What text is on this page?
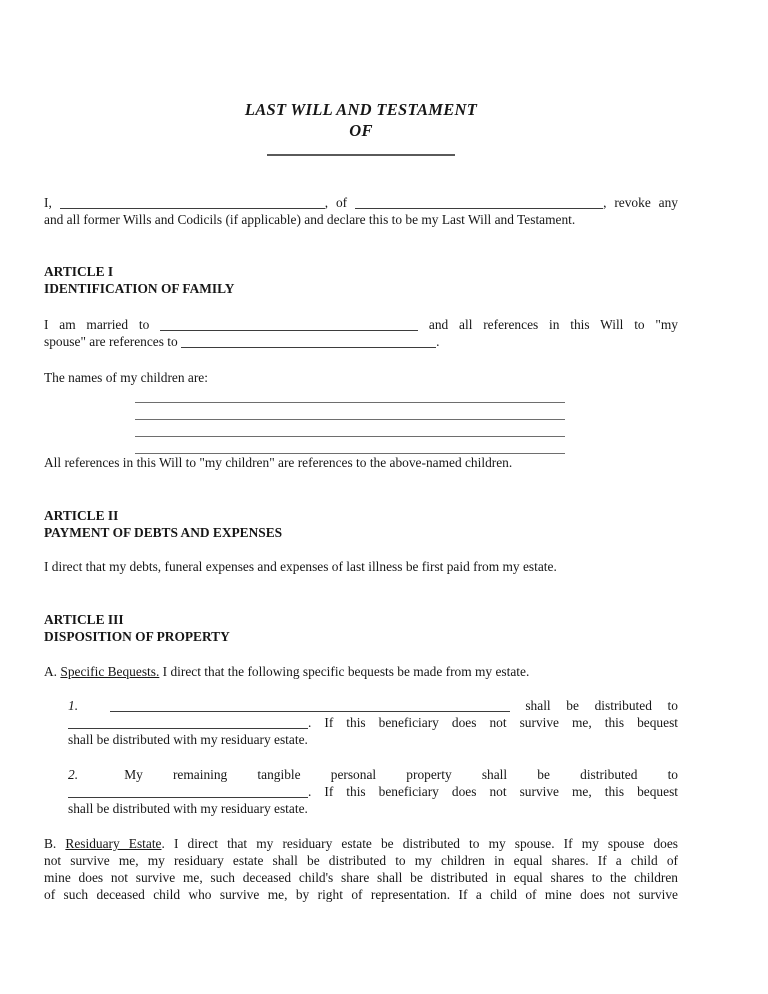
LAST WILL AND TESTAMENT
OF
I,	, of	, revoke any
and all former Wills and Codicils (if applicable) and declare this to be my Last Will and Testament.
ARTICLE I
IDENTIFICATION OF FAMILY
I am married to	and all references in this Will to "my
spouse" are references to	.
The names of my children are:
All references in this Will to "my children" are references to the above-named children.
ARTICLE II
PAYMENT OF DEBTS AND EXPENSES
I direct that my debts, funeral expenses and expenses of last illness be first paid from my estate.
ARTICLE III
DISPOSITION OF PROPERTY
A. Specific Bequests. I direct that the following specific bequests be made from my estate.
1.	shall be distributed to
. If this beneficiary does not survive me, this bequest
shall be distributed with my residuary estate.
2.	My remaining tangible personal property shall be distributed to
. If this beneficiary does not survive me, this bequest
shall be distributed with my residuary estate.
B. Residuary Estate. I direct that my residuary estate be distributed to my spouse. If my spouse does
not survive me, my residuary estate shall be distributed to my children in equal shares. If a child of
mine does not survive me, such deceased child's share shall be distributed in equal shares to the children
of such deceased child who survive me, by right of representation. If a child of mine does not survive
